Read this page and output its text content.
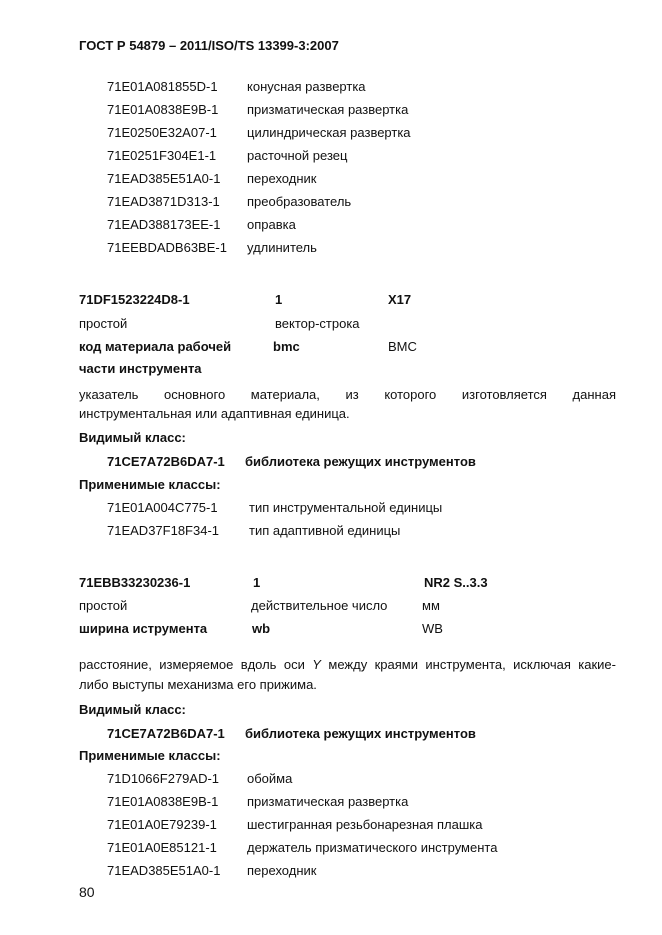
ГОСТ Р 54879 – 2011/ISO/TS 13399-3:2007
71E01A081855D-1 конусная развертка
71E01A0838E9B-1 призматическая развертка
71E0250E32A07-1 цилиндрическая развертка
71E0251F304E1-1 расточной резец
71EAD385E51A0-1 переходник
71EAD3871D313-1 преобразователь
71EAD388173EE-1 оправка
71EEBDADB63BE-1 удлинитель
71DF1523224D8-1	1	X17
простой	вектор-строка
код материала рабочей	bmc	BMC
части инструмента
указатель основного материала, из которого изготовляется данная
инструментальная или адаптивная единица.
Видимый класс:
71CE7A72B6DA7-1 библиотека режущих инструментов
Применимые классы:
71E01A004C775-1 тип инструментальной единицы
71EAD37F18F34-1 тип адаптивной единицы
71EBB33230236-1	1	NR2 S..3.3
простой	действительное число	мм
ширина иструмента	wb	WB
расстояние, измеряемое вдоль оси Y между краями инструмента, исключая какие-
либо выступы механизма его прижима.
Видимый класс:
71CE7A72B6DA7-1 библиотека режущих инструментов
Применимые классы:
71D1066F279AD-1 обойма
71E01A0838E9B-1 призматическая развертка
71E01A0E79239-1 шестигранная резьбонарезная плашка
71E01A0E85121-1 держатель призматического инструмента
71EAD385E51A0-1 переходник
80
